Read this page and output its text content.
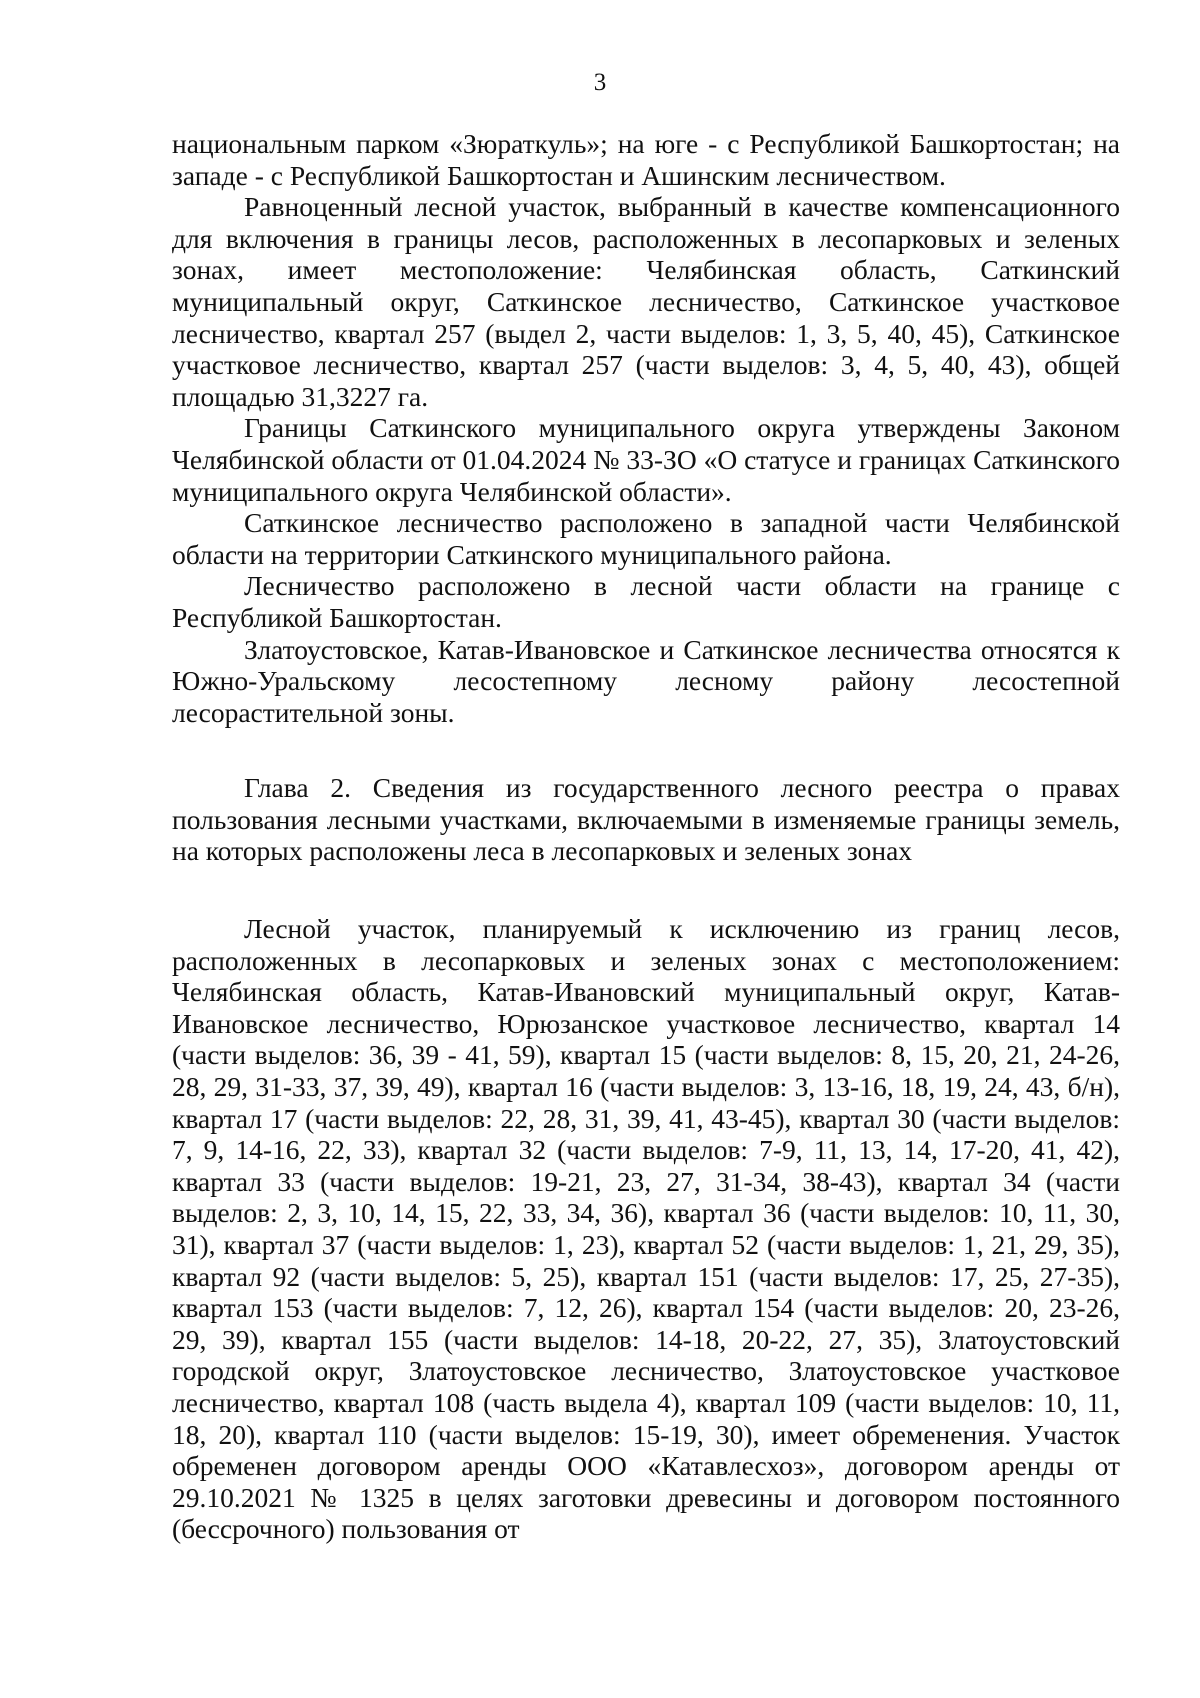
3

национальным парком «Зюраткуль»; на юге - с Республикой Башкортостан; на западе - с Республикой Башкортостан и Ашинским лесничеством.

Равноценный лесной участок, выбранный в качестве компенсационного для включения в границы лесов, расположенных в лесопарковых и зеленых зонах, имеет местоположение: Челябинская область, Саткинский муниципальный округ, Саткинское лесничество, Саткинское участковое лесничество, квартал 257 (выдел 2, части выделов: 1, 3, 5, 40, 45), Саткинское участковое лесничество, квартал 257 (части выделов: 3, 4, 5, 40, 43), общей площадью 31,3227 га.

Границы Саткинского муниципального округа утверждены Законом Челябинской области от 01.04.2024 № 33-ЗО «О статусе и границах Саткинского муниципального округа Челябинской области».

Саткинское лесничество расположено в западной части Челябинской области на территории Саткинского муниципального района.

Лесничество расположено в лесной части области на границе с Республикой Башкортостан.

Златоустовское, Катав-Ивановское и Саткинское лесничества относятся к Южно-Уральскому лесостепному лесному району лесостепной лесорастительной зоны.

Глава 2. Сведения из государственного лесного реестра о правах пользования лесными участками, включаемыми в изменяемые границы земель, на которых расположены леса в лесопарковых и зеленых зонах

Лесной участок, планируемый к исключению из границ лесов, расположенных в лесопарковых и зеленых зонах с местоположением: Челябинская область, Катав-Ивановский муниципальный округ, Катав-Ивановское лесничество, Юрюзанское участковое лесничество, квартал 14 (части выделов: 36, 39 - 41, 59), квартал 15 (части выделов: 8, 15, 20, 21, 24-26, 28, 29, 31-33, 37, 39, 49), квартал 16 (части выделов: 3, 13-16, 18, 19, 24, 43, б/н), квартал 17 (части выделов: 22, 28, 31, 39, 41, 43-45), квартал 30 (части выделов: 7, 9, 14-16, 22, 33), квартал 32 (части выделов: 7-9, 11, 13, 14, 17-20, 41, 42), квартал 33 (части выделов: 19-21, 23, 27, 31-34, 38-43), квартал 34 (части выделов: 2, 3, 10, 14, 15, 22, 33, 34, 36), квартал 36 (части выделов: 10, 11, 30, 31), квартал 37 (части выделов: 1, 23), квартал 52 (части выделов: 1, 21, 29, 35), квартал 92 (части выделов: 5, 25), квартал 151 (части выделов: 17, 25, 27-35), квартал 153 (части выделов: 7, 12, 26), квартал 154 (части выделов: 20, 23-26, 29, 39), квартал 155 (части выделов: 14-18, 20-22, 27, 35), Златоустовский городской округ, Златоустовское лесничество, Златоустовское участковое лесничество, квартал 108 (часть выдела 4), квартал 109 (части выделов: 10, 11, 18, 20), квартал 110 (части выделов: 15-19, 30), имеет обременения. Участок обременен договором аренды ООО «Катавлесхоз», договором аренды от 29.10.2021 № 1325 в целях заготовки древесины и договором постоянного (бессрочного) пользования от
